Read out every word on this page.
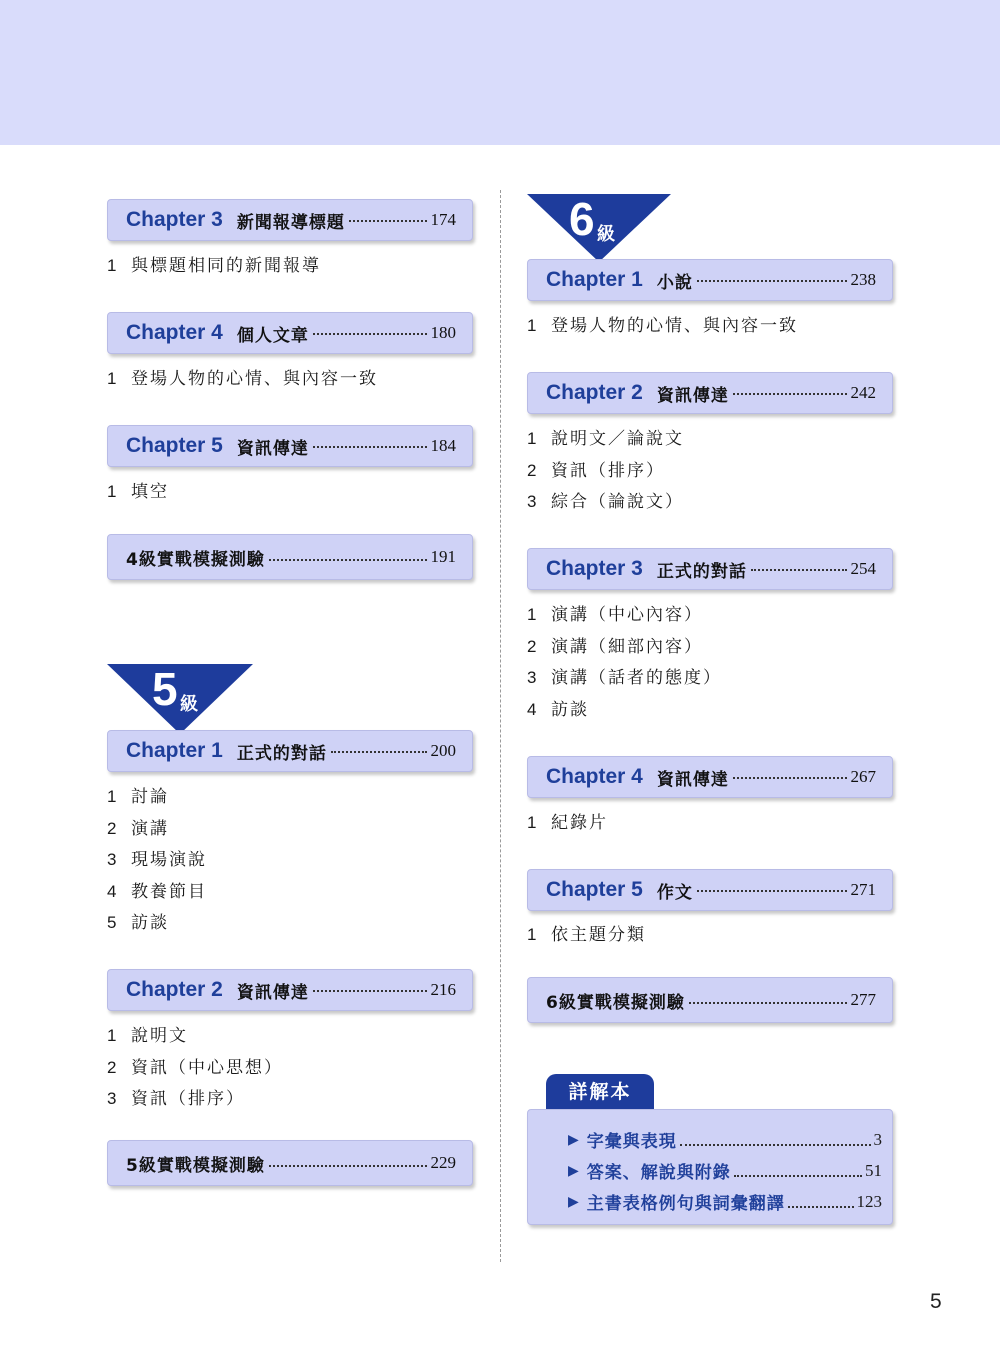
Chapter 3 新聞報導標題	174
1 與標題相同的新聞報導
Chapter 4 個人文章	180
1 登場人物的心情、與內容一致
Chapter 5 資訊傳達	184
1 填空
4級實戰模擬測驗	191
5 級
Chapter 1 正式的對話	200
1 討論
2 演講
3 現場演說
4 教養節目
5 訪談
Chapter 2 資訊傳達	216
1 說明文
2 資訊（中心思想）
3 資訊（排序）
5級實戰模擬測驗	229
6 級
Chapter 1 小說	238
1 登場人物的心情、與內容一致
Chapter 2 資訊傳達	242
1 說明文／論說文
2 資訊（排序）
3 綜合（論說文）
Chapter 3 正式的對話	254
1 演講（中心內容）
2 演講（細部內容）
3 演講（話者的態度）
4 訪談
Chapter 4 資訊傳達	267
1 紀錄片
Chapter 5 作文	271
1 依主題分類
6級實戰模擬測驗	277
詳解本
▶ 字彙與表現	3
▶ 答案、解說與附錄	51
▶ 主書表格例句與詞彙翻譯	123
5
